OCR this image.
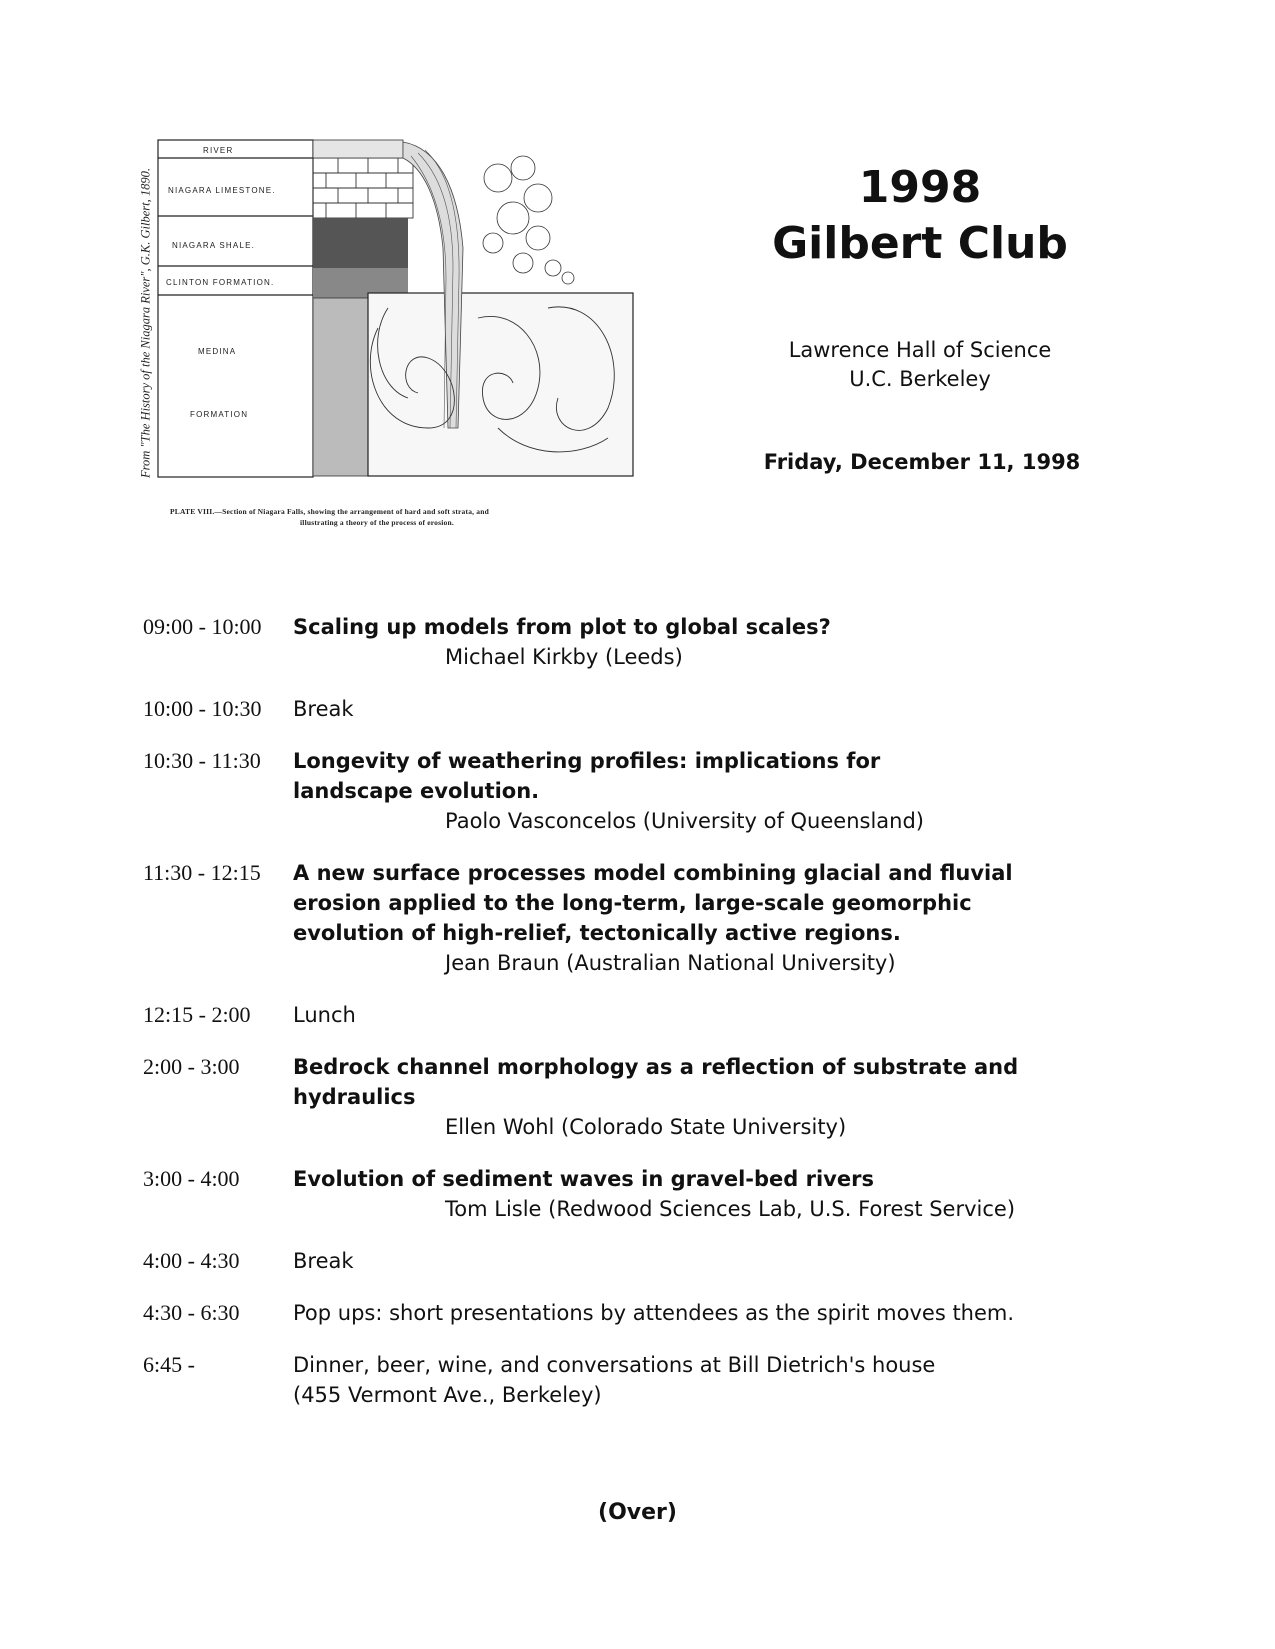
From "The History of the Niagara River", G.K. Gilbert, 1890.
RIVER
NIAGARA LIMESTONE.
NIAGARA SHALE.
CLINTON FORMATION.
MEDINA
FORMATION
PLATE VIII.—Section of Niagara Falls, showing the arrangement of hard and soft strata, and
illustrating a theory of the process of erosion.
1998
Gilbert Club
Lawrence Hall of Science
U.C. Berkeley
Friday, December 11, 1998
09:00 - 10:00 Scaling up models from plot to global scales?
Michael Kirkby (Leeds)
10:00 - 10:30 Break
10:30 - 11:30 Longevity of weathering profiles: implications for landscape evolution.
Paolo Vasconcelos (University of Queensland)
11:30 - 12:15 A new surface processes model combining glacial and fluvial erosion applied to the long-term, large-scale geomorphic evolution of high-relief, tectonically active regions.
Jean Braun (Australian National University)
12:15 - 2:00 Lunch
2:00 - 3:00	Bedrock channel morphology as a reflection of substrate and hydraulics
Ellen Wohl (Colorado State University)
3:00 - 4:00	Evolution of sediment waves in gravel-bed rivers
Tom Lisle (Redwood Sciences Lab, U.S. Forest Service)
4:00 - 4:30	Break
4:30 - 6:30	Pop ups: short presentations by attendees as the spirit moves them.
6:45 -	Dinner, beer, wine, and conversations at Bill Dietrich's house (455 Vermont Ave., Berkeley)
(Over)
